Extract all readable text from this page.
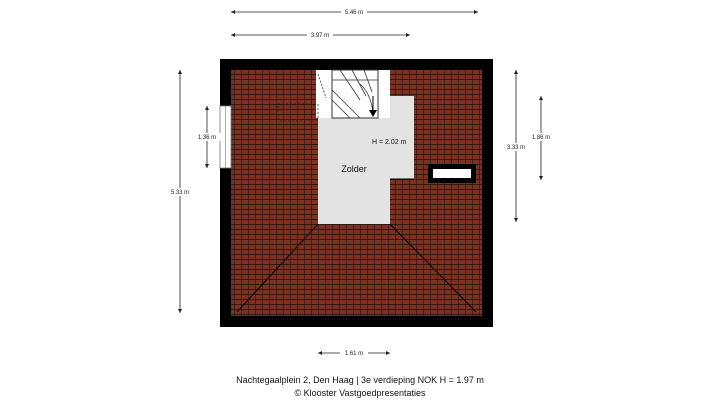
5.46 m
3.97 m
5.33 m
1.36 m
3.33 m
1.86 m
1.61 m
H = 2.02 m
Zolder
Nachtegaalplein 2, Den Haag | 3e verdieping NOK H = 1.97 m
© Klooster Vastgoedpresentaties
